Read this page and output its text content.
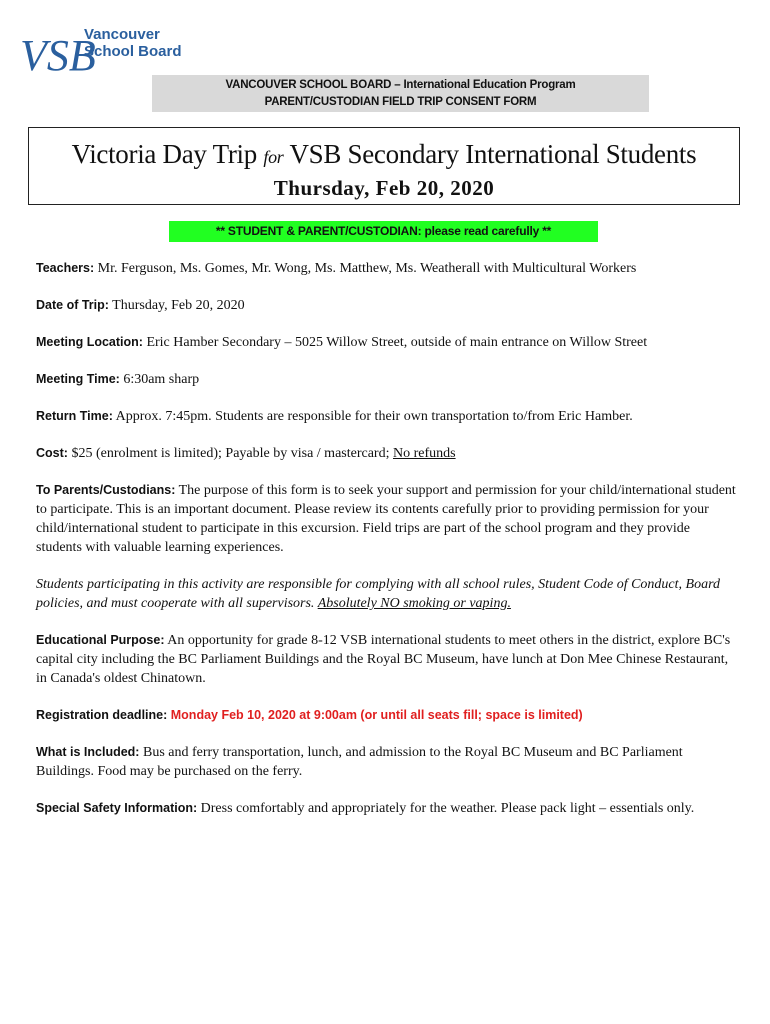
VSB
Vancouver
School Board
VANCOUVER SCHOOL BOARD – International Education Program
PARENT/CUSTODIAN FIELD TRIP CONSENT FORM
Victoria Day Trip for VSB Secondary International Students
Thursday, Feb 20, 2020
** STUDENT & PARENT/CUSTODIAN: please read carefully **
Teachers: Mr. Ferguson, Ms. Gomes, Mr. Wong, Ms. Matthew, Ms. Weatherall with Multicultural Workers
Date of Trip: Thursday, Feb 20, 2020
Meeting Location: Eric Hamber Secondary – 5025 Willow Street, outside of main entrance on Willow Street
Meeting Time: 6:30am sharp
Return Time: Approx. 7:45pm. Students are responsible for their own transportation to/from Eric Hamber.
Cost: $25 (enrolment is limited); Payable by visa / mastercard; No refunds
To Parents/Custodians: The purpose of this form is to seek your support and permission for your child/international student to participate. This is an important document. Please review its contents carefully prior to providing permission for your child/international student to participate in this excursion. Field trips are part of the school program and they provide students with valuable learning experiences.
Students participating in this activity are responsible for complying with all school rules, Student Code of Conduct, Board policies, and must cooperate with all supervisors. Absolutely NO smoking or vaping.
Educational Purpose: An opportunity for grade 8-12 VSB international students to meet others in the district, explore BC's capital city including the BC Parliament Buildings and the Royal BC Museum, have lunch at Don Mee Chinese Restaurant, in Canada's oldest Chinatown.
Registration deadline: Monday Feb 10, 2020 at 9:00am (or until all seats fill; space is limited)
What is Included: Bus and ferry transportation, lunch, and admission to the Royal BC Museum and BC Parliament Buildings. Food may be purchased on the ferry.
Special Safety Information: Dress comfortably and appropriately for the weather. Please pack light – essentials only.
